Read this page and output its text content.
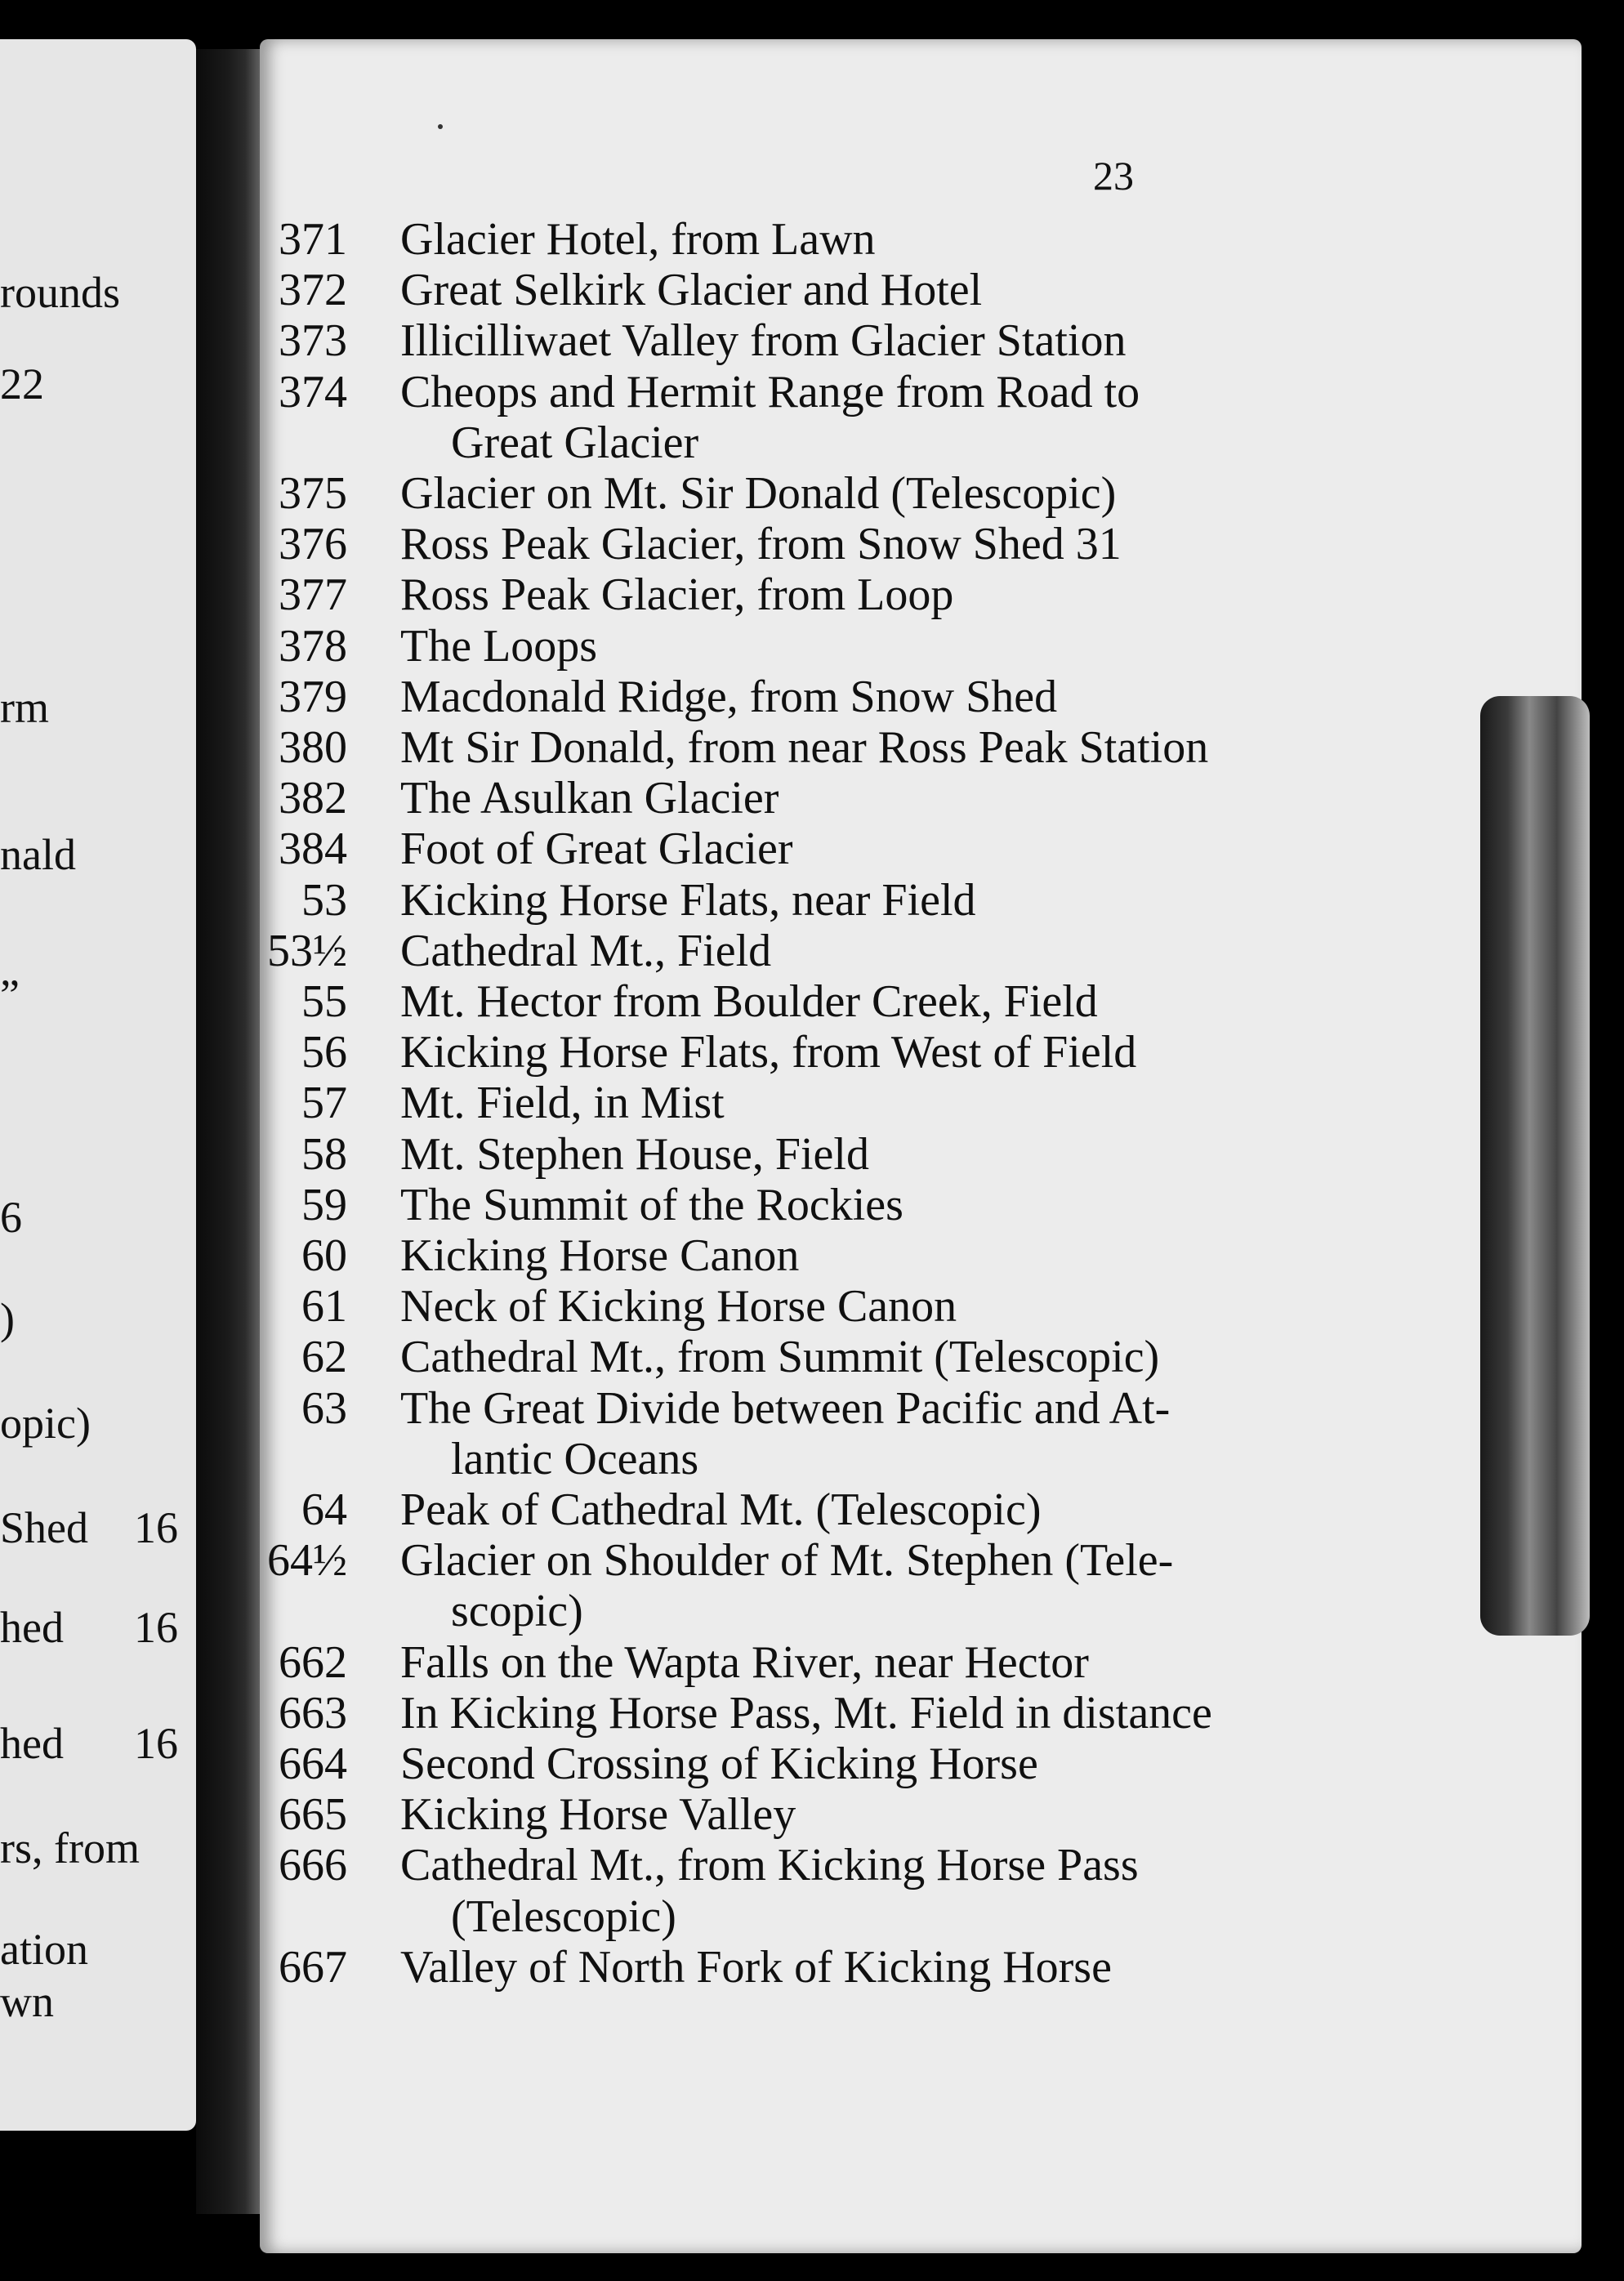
rounds
22
rm
nald
”
6
)
opic)
Shed 16
hed 16
hed 16
rs, from
ation
wn
23
371 Glacier Hotel, from Lawn
372 Great Selkirk Glacier and Hotel
373 Illicilliwaet Valley from Glacier Station
374 Cheops and Hermit Range from Road to
Great Glacier
375 Glacier on Mt. Sir Donald (Telescopic)
376 Ross Peak Glacier, from Snow Shed 31
377 Ross Peak Glacier, from Loop
378 The Loops
379 Macdonald Ridge, from Snow Shed
380 Mt Sir Donald, from near Ross Peak Station
382 The Asulkan Glacier
384 Foot of Great Glacier
53 Kicking Horse Flats, near Field
53½ Cathedral Mt., Field
55 Mt. Hector from Boulder Creek, Field
56 Kicking Horse Flats, from West of Field
57 Mt. Field, in Mist
58 Mt. Stephen House, Field
59 The Summit of the Rockies
60 Kicking Horse Canon
61 Neck of Kicking Horse Canon
62 Cathedral Mt., from Summit (Telescopic)
63 The Great Divide between Pacific and At-
lantic Oceans
64 Peak of Cathedral Mt. (Telescopic)
64½ Glacier on Shoulder of Mt. Stephen (Tele-
scopic)
662 Falls on the Wapta River, near Hector
663 In Kicking Horse Pass, Mt. Field in distance
664 Second Crossing of Kicking Horse
665 Kicking Horse Valley
666 Cathedral Mt., from Kicking Horse Pass
(Telescopic)
667 Valley of North Fork of Kicking Horse
